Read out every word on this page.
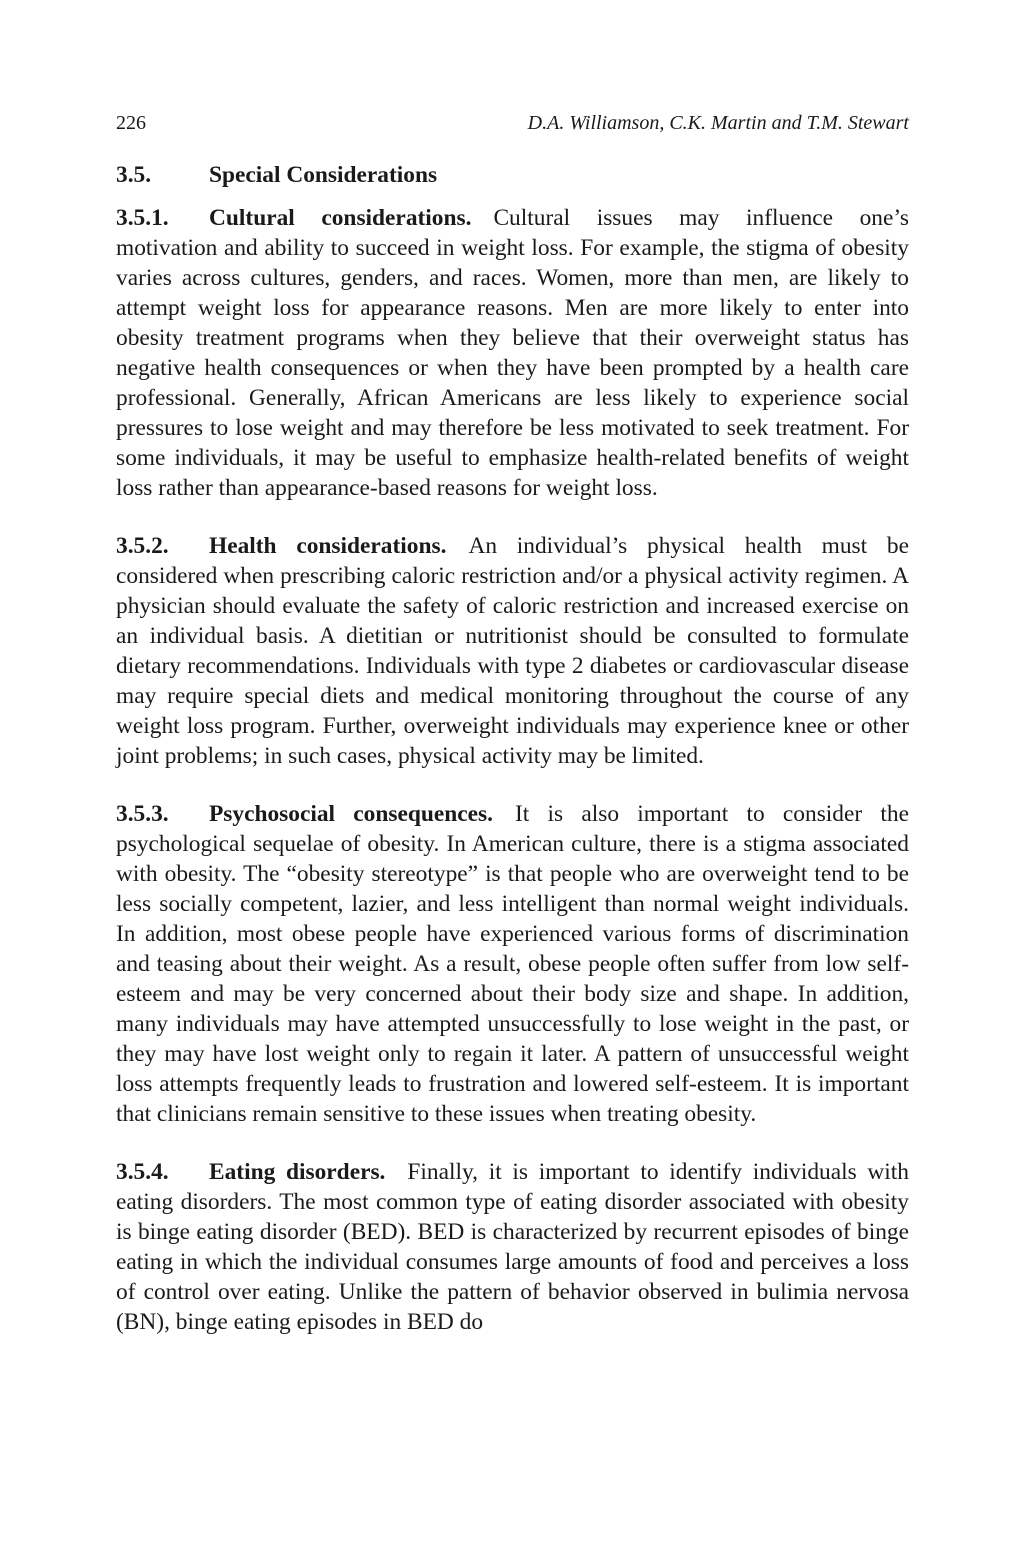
226	D.A. Williamson, C.K. Martin and T.M. Stewart
3.5.	Special Considerations

3.5.1. Cultural considerations. Cultural issues may influence one’s motivation and ability to succeed in weight loss. For example, the stigma of obesity varies across cultures, genders, and races. Women, more than men, are likely to attempt weight loss for appearance reasons. Men are more likely to enter into obesity treatment programs when they believe that their overweight status has negative health consequences or when they have been prompted by a health care professional. Generally, African Americans are less likely to experience social pressures to lose weight and may therefore be less motivated to seek treatment. For some individuals, it may be useful to emphasize health-related benefits of weight loss rather than appearance-based reasons for weight loss.

3.5.2. Health considerations. An individual’s physical health must be considered when prescribing caloric restriction and/or a physical activity regimen. A physician should evaluate the safety of caloric restriction and increased exercise on an individual basis. A dietitian or nutritionist should be consulted to formulate dietary recommendations. Individuals with type 2 diabetes or cardiovascular disease may require special diets and medical monitoring throughout the course of any weight loss program. Further, overweight individuals may experience knee or other joint problems; in such cases, physical activity may be limited.

3.5.3. Psychosocial consequences. It is also important to consider the psychological sequelae of obesity. In American culture, there is a stigma associated with obesity. The “obesity stereotype” is that people who are overweight tend to be less socially competent, lazier, and less intelligent than normal weight individuals. In addition, most obese people have experienced various forms of discrimination and teasing about their weight. As a result, obese people often suffer from low self-esteem and may be very concerned about their body size and shape. In addition, many individuals may have attempted unsuccessfully to lose weight in the past, or they may have lost weight only to regain it later. A pattern of unsuccessful weight loss attempts frequently leads to frustration and lowered self-esteem. It is important that clinicians remain sensitive to these issues when treating obesity.

3.5.4. Eating disorders. Finally, it is important to identify individuals with eating disorders. The most common type of eating disorder associated with obesity is binge eating disorder (BED). BED is characterized by recurrent episodes of binge eating in which the individual consumes large amounts of food and perceives a loss of control over eating. Unlike the pattern of behavior observed in bulimia nervosa (BN), binge eating episodes in BED do
